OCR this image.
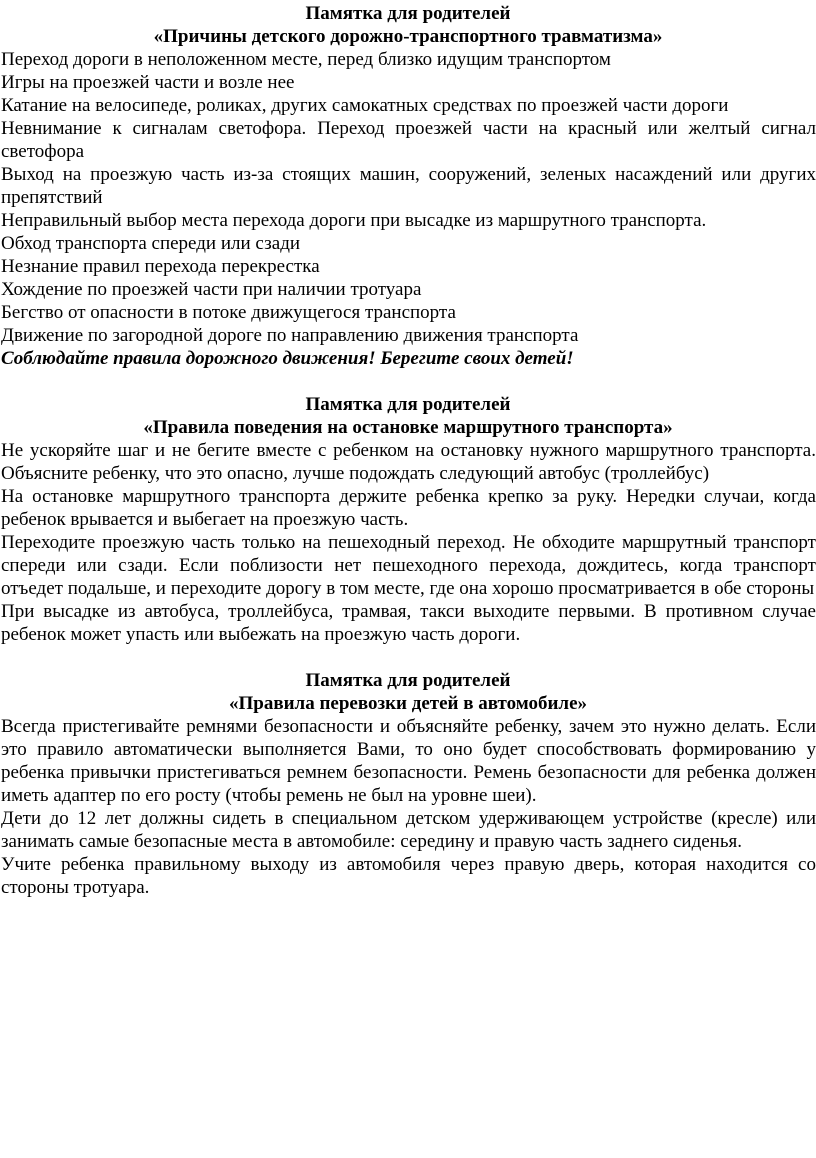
Памятка для родителей

«Причины детского дорожно-транспортного травматизма»

Переход дороги в неположенном месте, перед близко идущим транспортом

Игры на проезжей части и возле нее

Катание на велосипеде, роликах, других самокатных средствах по проезжей части дороги

Невнимание к сигналам светофора. Переход проезжей части на красный или желтый сигнал светофора

Выход на проезжую часть из-за стоящих машин, сооружений, зеленых насаждений или других препятствий

Неправильный выбор места перехода дороги при высадке из маршрутного транспорта.

Обход транспорта спереди или сзади

Незнание правил перехода перекрестка

Хождение по проезжей части при наличии тротуара

Бегство от опасности в потоке движущегося транспорта

Движение по загородной дороге по направлению движения транспорта

Соблюдайте правила дорожного движения! Берегите своих детей!

Памятка для родителей

«Правила поведения на остановке маршрутного транспорта»

Не ускоряйте шаг и не бегите вместе с ребенком на остановку нужного маршрутного транспорта. Объясните ребенку, что это опасно, лучше подождать следующий автобус (троллейбус)

На остановке маршрутного транспорта держите ребенка крепко за руку. Нередки случаи, когда ребенок врывается и выбегает на проезжую часть.

Переходите проезжую часть только на пешеходный переход. Не обходите маршрутный транспорт спереди или сзади. Если поблизости нет пешеходного перехода, дождитесь, когда транспорт отъедет подальше, и переходите дорогу в том месте, где она хорошо просматривается в обе стороны

При высадке из автобуса, троллейбуса, трамвая, такси выходите первыми. В противном случае ребенок может упасть или выбежать на проезжую часть дороги.

Памятка для родителей

«Правила перевозки детей в автомобиле»

Всегда пристегивайте ремнями безопасности и объясняйте ребенку, зачем это нужно делать. Если это правило автоматически выполняется Вами, то оно будет способствовать формированию у ребенка привычки пристегиваться ремнем безопасности. Ремень безопасности для ребенка должен иметь адаптер по его росту (чтобы ремень не был на уровне шеи).

Дети до 12 лет должны сидеть в специальном детском удерживающем устройстве (кресле) или занимать самые безопасные места в автомобиле: середину и правую часть заднего сиденья.

Учите ребенка правильному выходу из автомобиля через правую дверь, которая находится со стороны тротуара.
